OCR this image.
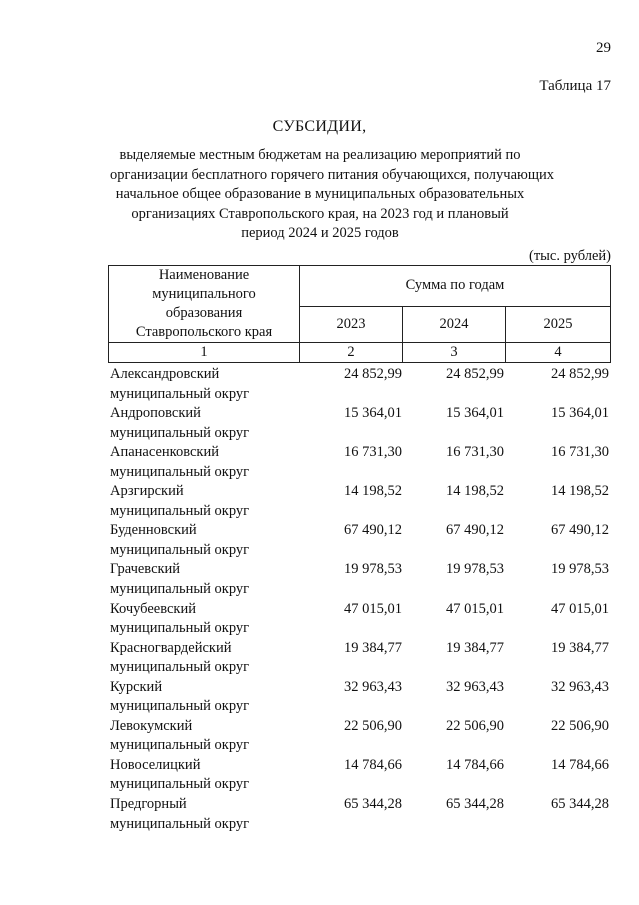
29
Таблица 17
СУБСИДИИ,
выделяемые местным бюджетам на реализацию мероприятий по
организации бесплатного горячего питания обучающихся, получающих
начальное общее образование в муниципальных образовательных
организациях Ставропольского края, на 2023 год и плановый
период 2024 и 2025 годов
(тыс. рублей)
Наименование
муниципального
образования
Ставропольского края	Сумма по годам		
	2023	2024	2025
1	2	3	4
Александровский
муниципальный округ
24 852,99	24 852,99	24 852,99
Андроповский
муниципальный округ
15 364,01	15 364,01	15 364,01
Апанасенковский
муниципальный округ
16 731,30	16 731,30	16 731,30
Арзгирский
муниципальный округ
14 198,52	14 198,52	14 198,52
Буденновский
муниципальный округ
67 490,12	67 490,12	67 490,12
Грачевский
муниципальный округ
19 978,53	19 978,53	19 978,53
Кочубеевский
муниципальный округ
47 015,01	47 015,01	47 015,01
Красногвардейский
муниципальный округ
19 384,77	19 384,77	19 384,77
Курский
муниципальный округ
32 963,43	32 963,43	32 963,43
Левокумский
муниципальный округ
22 506,90	22 506,90	22 506,90
Новоселицкий
муниципальный округ
14 784,66	14 784,66	14 784,66
Предгорный
муниципальный округ
65 344,28	65 344,28	65 344,28
